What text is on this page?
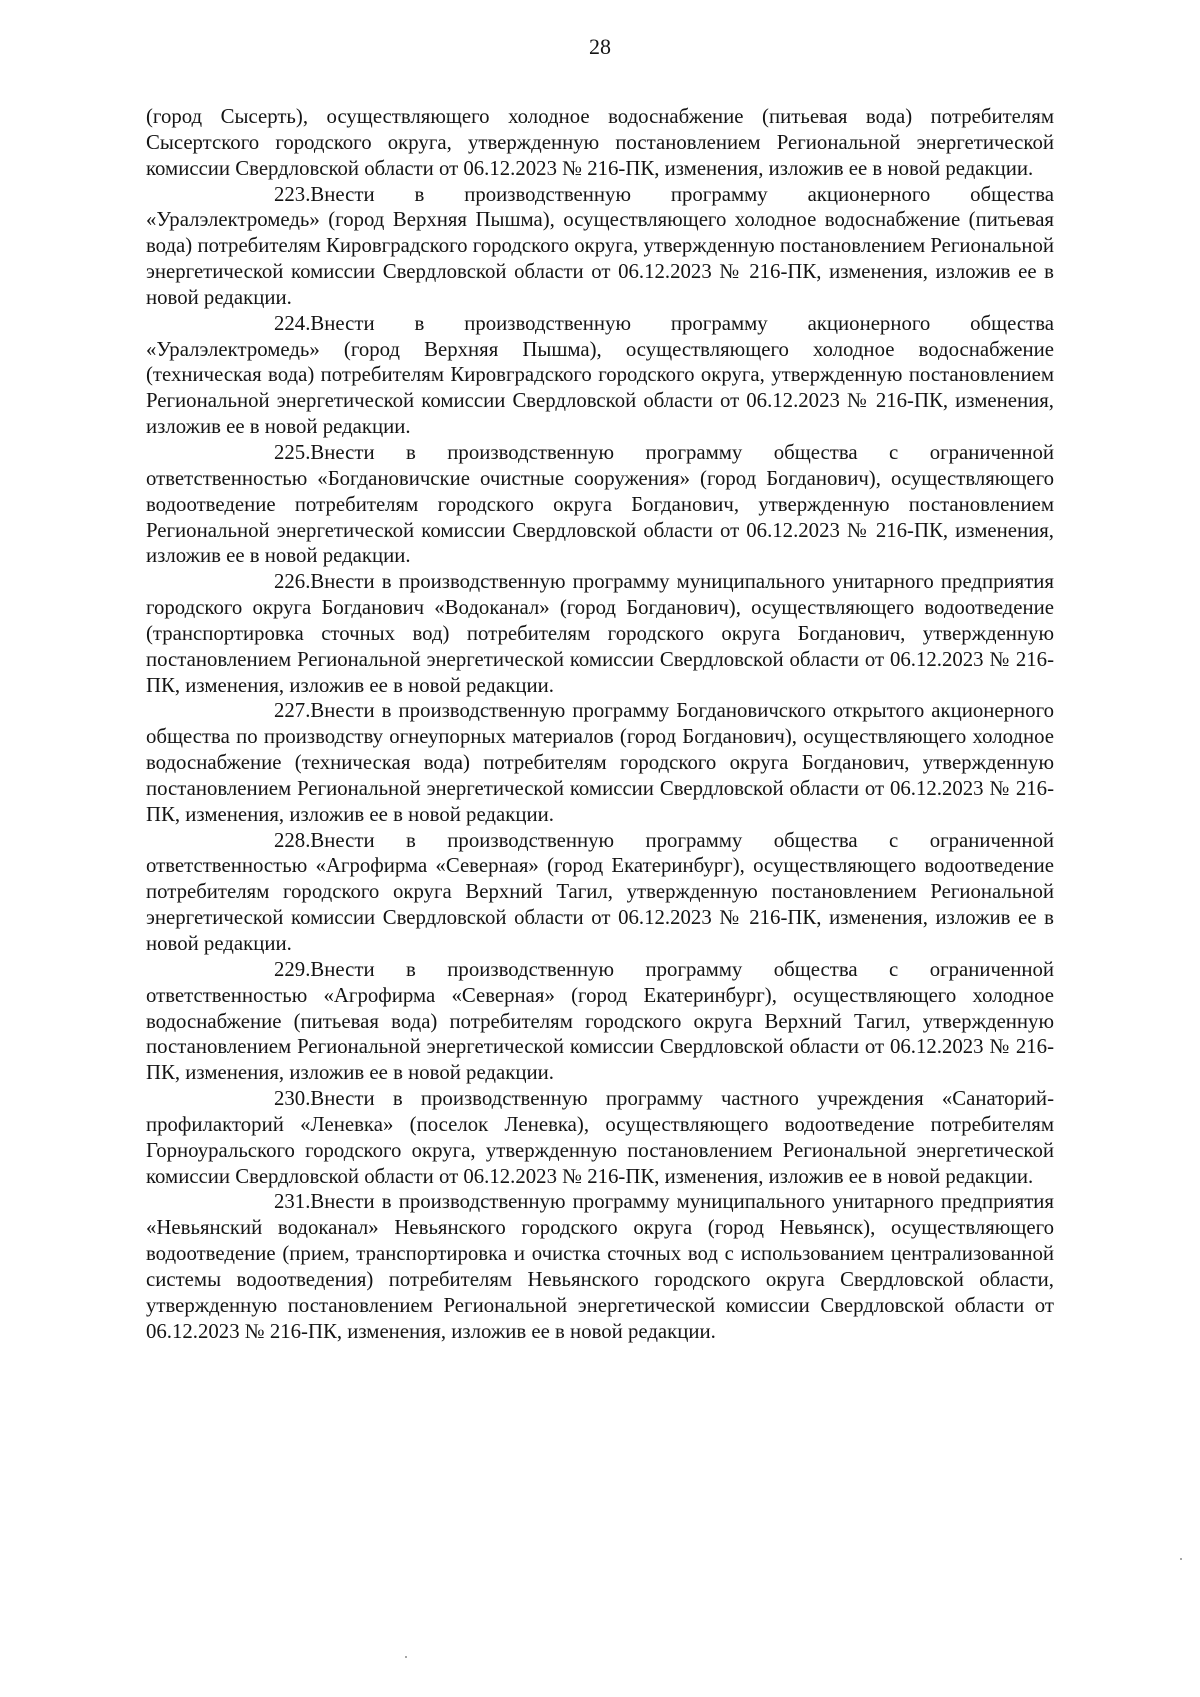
28

(город Сысерть), осуществляющего холодное водоснабжение (питьевая вода) потребителям Сысертского городского округа, утвержденную постановлением Региональной энергетической комиссии Свердловской области от 06.12.2023 № 216-ПК, изменения, изложив ее в новой редакции.

223.Внести в производственную программу акционерного общества «Уралэлектромедь» (город Верхняя Пышма), осуществляющего холодное водоснабжение (питьевая вода) потребителям Кировградского городского округа, утвержденную постановлением Региональной энергетической комиссии Свердловской области от 06.12.2023 № 216-ПК, изменения, изложив ее в новой редакции.

224.Внести в производственную программу акционерного общества «Уралэлектромедь» (город Верхняя Пышма), осуществляющего холодное водоснабжение (техническая вода) потребителям Кировградского городского округа, утвержденную постановлением Региональной энергетической комиссии Свердловской области от 06.12.2023 № 216-ПК, изменения, изложив ее в новой редакции.

225.Внести в производственную программу общества с ограниченной ответственностью «Богдановичские очистные сооружения» (город Богданович), осуществляющего водоотведение потребителям городского округа Богданович, утвержденную постановлением Региональной энергетической комиссии Свердловской области от 06.12.2023 № 216-ПК, изменения, изложив ее в новой редакции.

226.Внести в производственную программу муниципального унитарного предприятия городского округа Богданович «Водоканал» (город Богданович), осуществляющего водоотведение (транспортировка сточных вод) потребителям городского округа Богданович, утвержденную постановлением Региональной энергетической комиссии Свердловской области от 06.12.2023 № 216-ПК, изменения, изложив ее в новой редакции.

227.Внести в производственную программу Богдановичского открытого акционерного общества по производству огнеупорных материалов (город Богданович), осуществляющего холодное водоснабжение (техническая вода) потребителям городского округа Богданович, утвержденную постановлением Региональной энергетической комиссии Свердловской области от 06.12.2023 № 216-ПК, изменения, изложив ее в новой редакции.

228.Внести в производственную программу общества с ограниченной ответственностью «Агрофирма «Северная» (город Екатеринбург), осуществляющего водоотведение потребителям городского округа Верхний Тагил, утвержденную постановлением Региональной энергетической комиссии Свердловской области от 06.12.2023 № 216-ПК, изменения, изложив ее в новой редакции.

229.Внести в производственную программу общества с ограниченной ответственностью «Агрофирма «Северная» (город Екатеринбург), осуществляющего холодное водоснабжение (питьевая вода) потребителям городского округа Верхний Тагил, утвержденную постановлением Региональной энергетической комиссии Свердловской области от 06.12.2023 № 216-ПК, изменения, изложив ее в новой редакции.

230.Внести в производственную программу частного учреждения «Санаторий-профилакторий «Леневка» (поселок Леневка), осуществляющего водоотведение потребителям Горноуральского городского округа, утвержденную постановлением Региональной энергетической комиссии Свердловской области от 06.12.2023 № 216-ПК, изменения, изложив ее в новой редакции.

231.Внести в производственную программу муниципального унитарного предприятия «Невьянский водоканал» Невьянского городского округа (город Невьянск), осуществляющего водоотведение (прием, транспортировка и очистка сточных вод с использованием централизованной системы водоотведения) потребителям Невьянского городского округа Свердловской области, утвержденную постановлением Региональной энергетической комиссии Свердловской области от 06.12.2023 № 216-ПК, изменения, изложив ее в новой редакции.
